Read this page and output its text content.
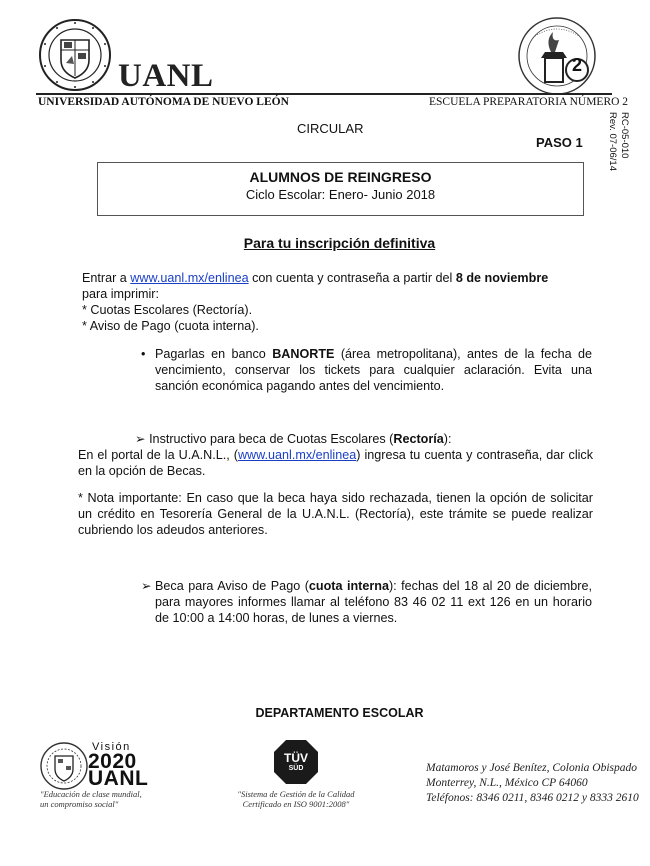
UANL	2
UNIVERSIDAD AUTÓNOMA DE NUEVO LEÓN	ESCUELA PREPARATORIA NÚMERO 2
CIRCULAR
PASO 1	RC-05-010
Rev. 07-06/14
ALUMNOS DE REINGRESO
Ciclo Escolar: Enero- Junio 2018
Para tu inscripción definitiva
Entrar a www.uanl.mx/enlinea con cuenta y contraseña a partir del 8 de noviembre
para imprimir:
* Cuotas Escolares (Rectoría).
* Aviso de Pago (cuota interna).
• Pagarlas en banco BANORTE (área metropolitana), antes de la fecha de vencimiento, conservar los tickets para cualquier aclaración. Evita una sanción económica pagando antes del vencimiento.
➢ Instructivo para beca de Cuotas Escolares (Rectoría):
En el portal de la U.A.N.L., (www.uanl.mx/enlinea) ingresa tu cuenta y contraseña, dar click en la opción de Becas.
* Nota importante: En caso que la beca haya sido rechazada, tienen la opción de solicitar un crédito en Tesorería General de la U.A.N.L. (Rectoría), este trámite se puede realizar cubriendo los adeudos anteriores.
➢ Beca para Aviso de Pago (cuota interna): fechas del 18 al 20 de diciembre, para mayores informes llamar al teléfono 83 46 02 11 ext 126 en un horario de 10:00 a 14:00 horas, de lunes a viernes.
DEPARTAMENTO ESCOLAR
Visión
2020
UANL
"Educación de clase mundial,
un compromiso social"
TÜV
SÜD
"Sistema de Gestión de la Calidad
Certificado en ISO 9001:2008"
Matamoros y José Benítez, Colonia Obispado
Monterrey, N.L., México CP 64060
Teléfonos: 8346 0211, 8346 0212 y 8333 2610
